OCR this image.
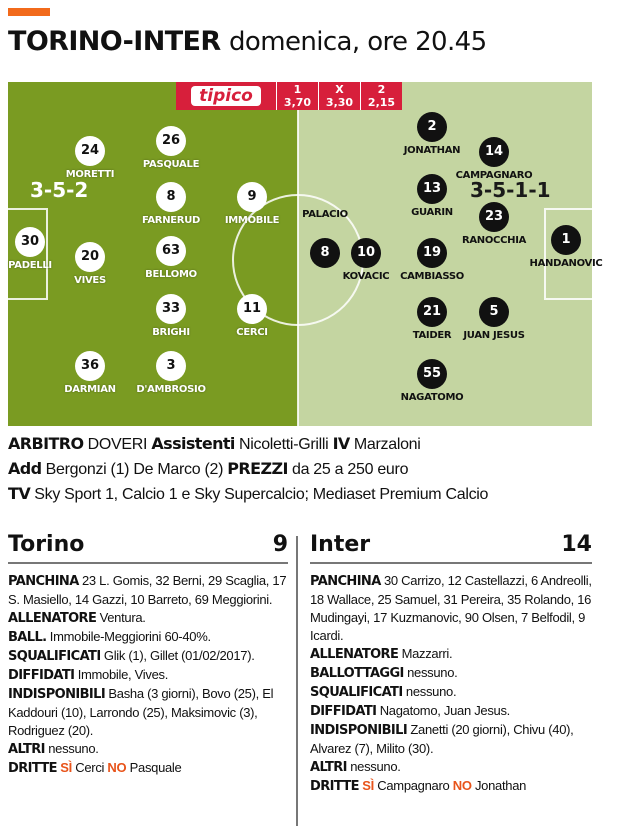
TORINO-INTER domenica, ore 20.45
3-5-2	3-5-1-1
30
PADELLI
24
MORETTI
26
PASQUALE
8
FARNERUD
9
IMMOBILE
20
VIVES
63
BELLOMO
33
BRIGHI
11
CERCI
36
DARMIAN
3
D'AMBROSIO
2
JONATHAN	14
CAMPAGNARO
13
GUARIN	23
RANOCCHIA	1
HANDANOVIC
8
PALACIO
10
KOVACIC
19
CAMBIASSO
21
TAIDER
5
JUAN JESUS
55
NAGATOMO
tipico	1
3,70
X
3,30
2
2,15
ARBITRO DOVERI Assistenti Nicoletti-Grilli IV Marzaloni
Add Bergonzi (1) De Marco (2) PREZZI da 25 a 250 euro
TV Sky Sport 1, Calcio 1 e Sky Supercalcio; Mediaset Premium Calcio
Torino	9

PANCHINA 23 L. Gomis, 32 Berni, 29 Scaglia, 17 S. Masiello, 14 Gazzi, 10 Barreto, 69 Meggiorini.

ALLENATORE Ventura.

BALL. Immobile-Meggiorini 60-40%.

SQUALIFICATI Glik (1), Gillet (01/02/2017).

DIFFIDATI Immobile, Vives.

INDISPONIBILI Basha (3 giorni), Bovo (25), El Kaddouri (10), Larrondo (25), Maksimovic (3), Rodriguez (20).

ALTRI nessuno.

DRITTE SÌ Cerci NO Pasquale

Inter	14

PANCHINA 30 Carrizo, 12 Castellazzi, 6 Andreolli, 18 Wallace, 25 Samuel, 31 Pereira, 35 Rolando, 16 Mudingayi, 17 Kuzmanovic, 90 Olsen, 7 Belfodil, 9 Icardi.

ALLENATORE Mazzarri.

BALLOTTAGGI nessuno.

SQUALIFICATI nessuno.

DIFFIDATI Nagatomo, Juan Jesus.

INDISPONIBILI Zanetti (20 giorni), Chivu (40), Alvarez (7), Milito (30).

ALTRI nessuno.

DRITTE SÌ Campagnaro NO Jonathan
